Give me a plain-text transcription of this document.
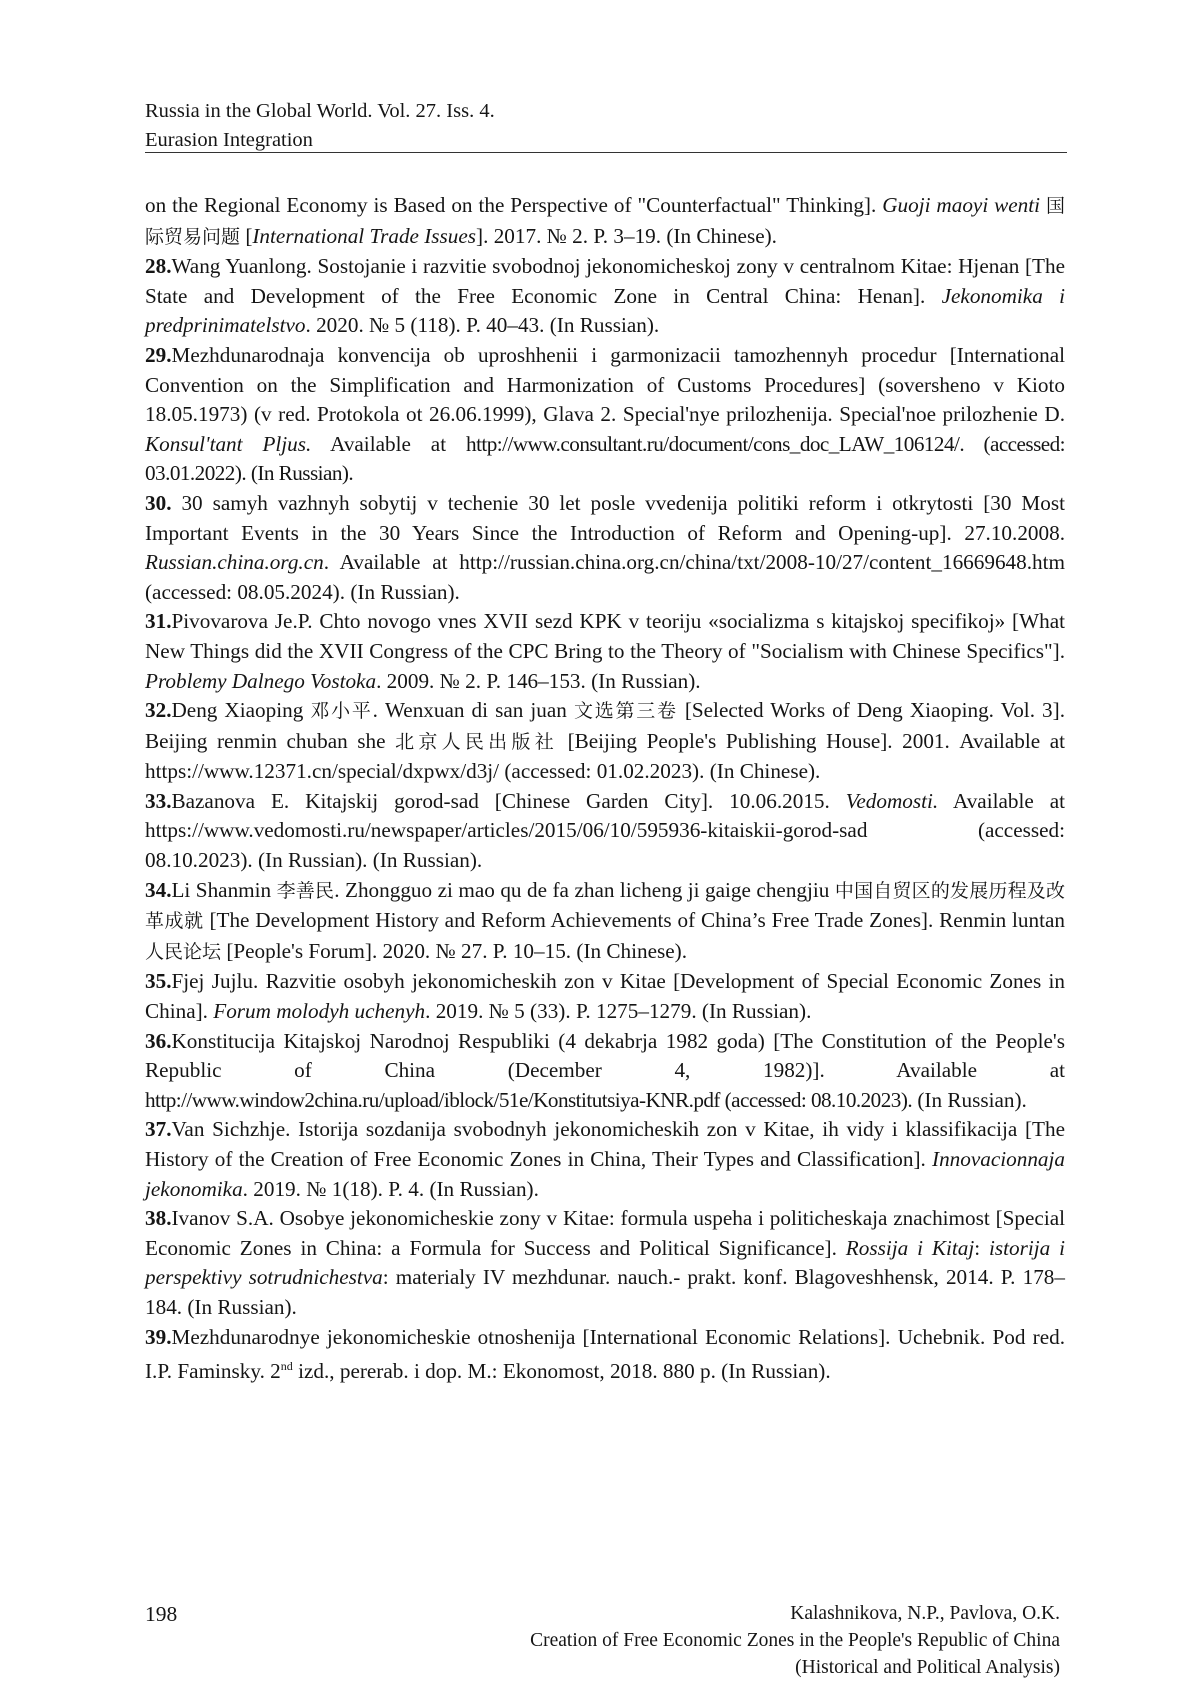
Russia in the Global World. Vol. 27. Iss. 4.
Eurasion Integration

on the Regional Economy is Based on the Perspective of "Counterfactual" Thinking]. Guoji maoyi wenti 国际贸易问题 [International Trade Issues]. 2017. № 2. P. 3–19. (In Chinese).

28.Wang Yuanlong. Sostojanie i razvitie svobodnoj jekonomicheskoj zony v centralnom Kitae: Hjenan [The State and Development of the Free Economic Zone in Central China: Henan]. Jekonomika i predprinimatelstvo. 2020. № 5 (118). P. 40–43. (In Russian).

29.Mezhdunarodnaja konvencija ob uproshhenii i garmonizacii tamozhennyh procedur [International Convention on the Simplification and Harmonization of Customs Procedures] (soversheno v Kioto 18.05.1973) (v red. Protokola ot 26.06.1999), Glava 2. Special'nye prilozhenija. Special'noe prilozhenie D. Konsul'tant Pljus. Available at http://www.consultant.ru/document/cons_doc_LAW_106124/. (accessed: 03.01.2022). (In Russian).

30. 30 samyh vazhnyh sobytij v techenie 30 let posle vvedenija politiki reform i otkrytosti [30 Most Important Events in the 30 Years Since the Introduction of Reform and Opening-up]. 27.10.2008. Russian.china.org.cn. Available at http://russian.china.org.cn/china/txt/2008-10/27/content_16669648.htm (accessed: 08.05.2024). (In Russian).

31.Pivovarova Je.P. Chto novogo vnes XVII sezd KPK v teoriju «socializma s kitajskoj specifikoj» [What New Things did the XVII Congress of the CPC Bring to the Theory of "Socialism with Chinese Specifics"]. Problemy Dalnego Vostoka. 2009. № 2. P. 146–153. (In Russian).

32.Deng Xiaoping 邓小平. Wenxuan di san juan 文选第三卷 [Selected Works of Deng Xiaoping. Vol. 3]. Beijing renmin chuban she 北京人民出版社 [Beijing People's Publishing House]. 2001. Available at https://www.12371.cn/special/dxpwx/d3j/ (accessed: 01.02.2023). (In Chinese).

33.Bazanova E. Kitajskij gorod-sad [Chinese Garden City]. 10.06.2015. Vedomosti. Available at https://www.vedomosti.ru/newspaper/articles/2015/06/10/595936-kitaiskii-gorod-sad (accessed: 08.10.2023). (In Russian). (In Russian).

34.Li Shanmin 李善民. Zhongguo zi mao qu de fa zhan licheng ji gaige chengjiu 中国自贸区的发展历程及改革成就 [The Development History and Reform Achievements of China’s Free Trade Zones]. Renmin luntan 人民论坛 [People's Forum]. 2020. № 27. P. 10–15. (In Chinese).

35.Fjej Jujlu. Razvitie osobyh jekonomicheskih zon v Kitae [Development of Special Economic Zones in China]. Forum molodyh uchenyh. 2019. № 5 (33). P. 1275–1279. (In Russian).

36.Konstitucija Kitajskoj Narodnoj Respubliki (4 dekabrja 1982 goda) [The Constitution of the People's Republic of China (December 4, 1982)]. Available at http://www.window2china.ru/upload/iblock/51e/Konstitutsiya-KNR.pdf (accessed: 08.10.2023). (In Russian).

37.Van Sichzhje. Istorija sozdanija svobodnyh jekonomicheskih zon v Kitae, ih vidy i klassifikacija [The History of the Creation of Free Economic Zones in China, Their Types and Classification]. Innovacionnaja jekonomika. 2019. № 1(18). P. 4. (In Russian).

38.Ivanov S.A. Osobye jekonomicheskie zony v Kitae: formula uspeha i politicheskaja znachimost [Special Economic Zones in China: a Formula for Success and Political Significance]. Rossija i Kitaj: istorija i perspektivy sotrudnichestva: materialy IV mezhdunar. nauch.- prakt. konf. Blagoveshhensk, 2014. P. 178–184. (In Russian).

39.Mezhdunarodnye jekonomicheskie otnoshenija [International Economic Relations]. Uchebnik. Pod red. I.P. Faminsky. 2nd izd., pererab. i dop. M.: Ekonomost, 2018. 880 p. (In Russian).

198	Kalashnikova, N.P., Pavlova, O.K.
Creation of Free Economic Zones in the People's Republic of China
(Historical and Political Analysis)
